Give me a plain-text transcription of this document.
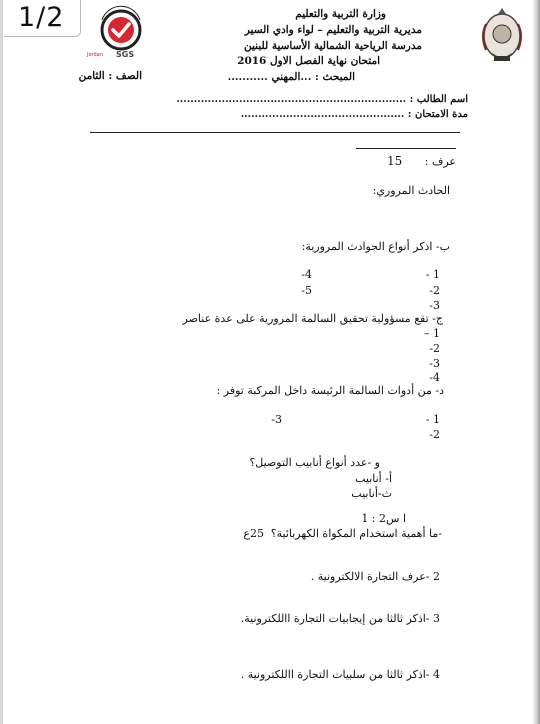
1/2
Jordan SGS
وزارة التربية والتعليم
مديرية التربية والتعليم – لواء وادي السير
مدرسة الرياحية الشمالية الأساسية للبنين
امتحان نهاية الفصل الاول 2016
المبحث : ...المهني ...........
الصف : الثامن
اسم الطالب : ..................................................................
مدة الامتحان : ...............................................
عرف :
15
الحادث المروري:
ب- اذكر أنواع الحوادث المرورية:
1 -
2-
3-
4-
5-
ج- تقع مسؤولية تحقيق السالمة المرورية على عدة عناصر
1 –
2-
3-
4-
د- من أدوات السالمة الرئيسة داخل المركبة توفر :
1 -
2-
3-
و -عدد أنواع أنابيب التوصيل؟
أ- أنابيب
ث-أنابيب
ا س2 : 1
-ما أهمية استخدام المكواة الكهربائية؟
25ع
2 -عرف التجارة الالكترونية .
3 -اذكر ثالثا من إيجابيات التجارة االلكترونية.
4 -اذكر ثالثا من سلبيات التجارة االلكترونية .
